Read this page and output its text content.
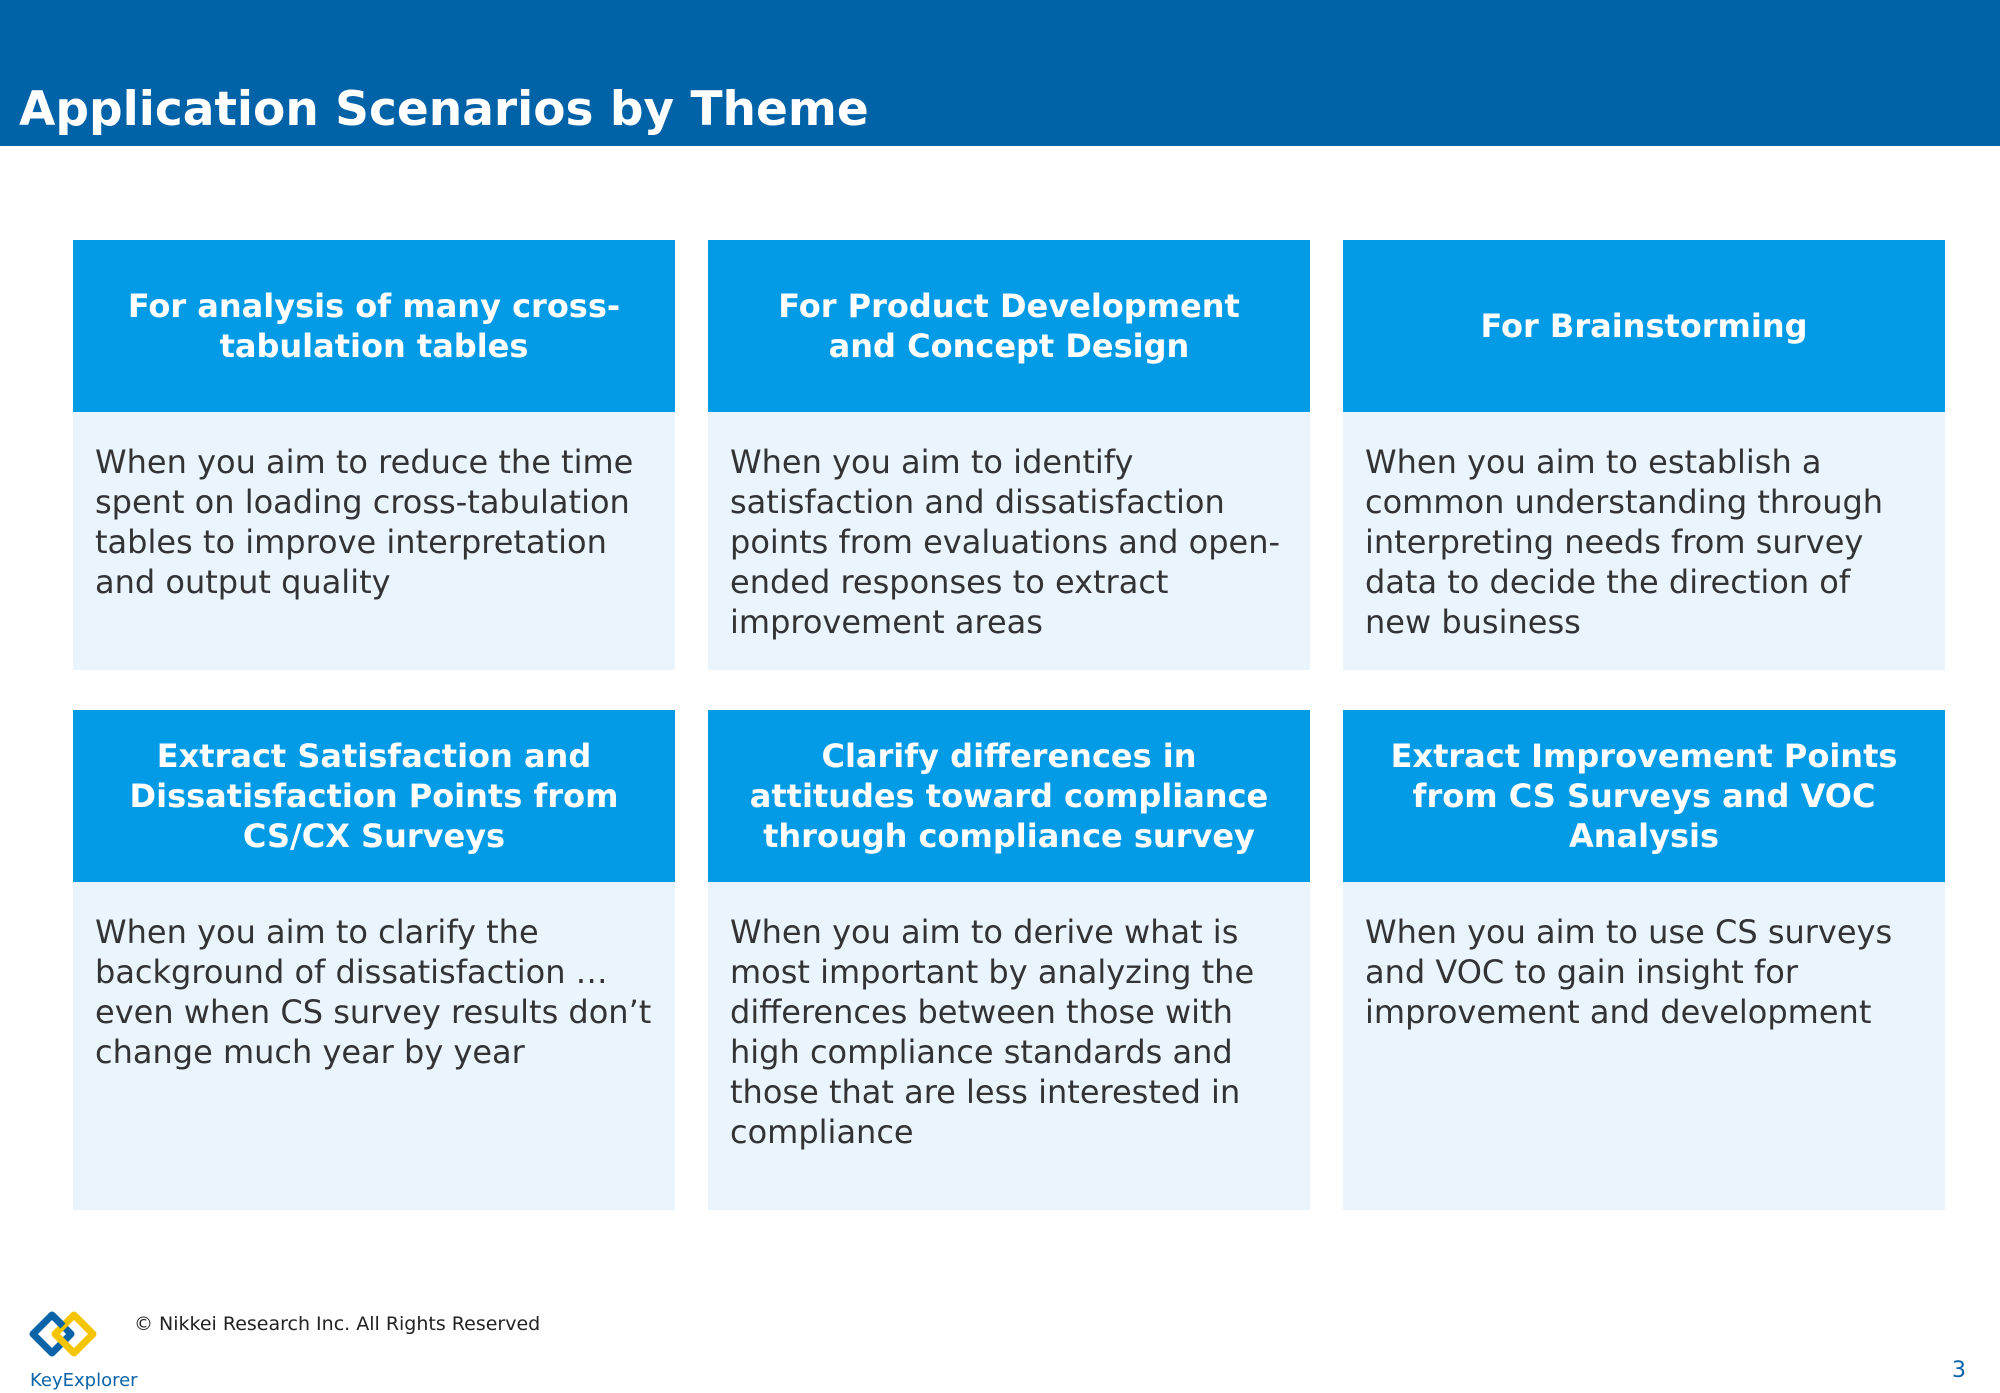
Application Scenarios by Theme
For analysis of many cross-tabulation tables
When you aim to reduce the time spent on loading cross-tabulation tables to improve interpretation and output quality
For Product Development and Concept Design
When you aim to identify satisfaction and dissatisfaction points from evaluations and open-ended responses to extract improvement areas
For Brainstorming
When you aim to establish a common understanding through interpreting needs from survey data to decide the direction of new business
Extract Satisfaction and Dissatisfaction Points from CS/CX Surveys
When you aim to clarify the background of dissatisfaction …even when CS survey results don’t change much year by year
Clarify differences in attitudes toward compliance through compliance survey
When you aim to derive what is most important by analyzing the differences between those with high compliance standards and those that are less interested in compliance
Extract Improvement Points from CS Surveys and VOC Analysis
When you aim to use CS surveys and VOC to gain insight for improvement and development
KeyExplorer
© Nikkei Research Inc. All Rights Reserved
3
